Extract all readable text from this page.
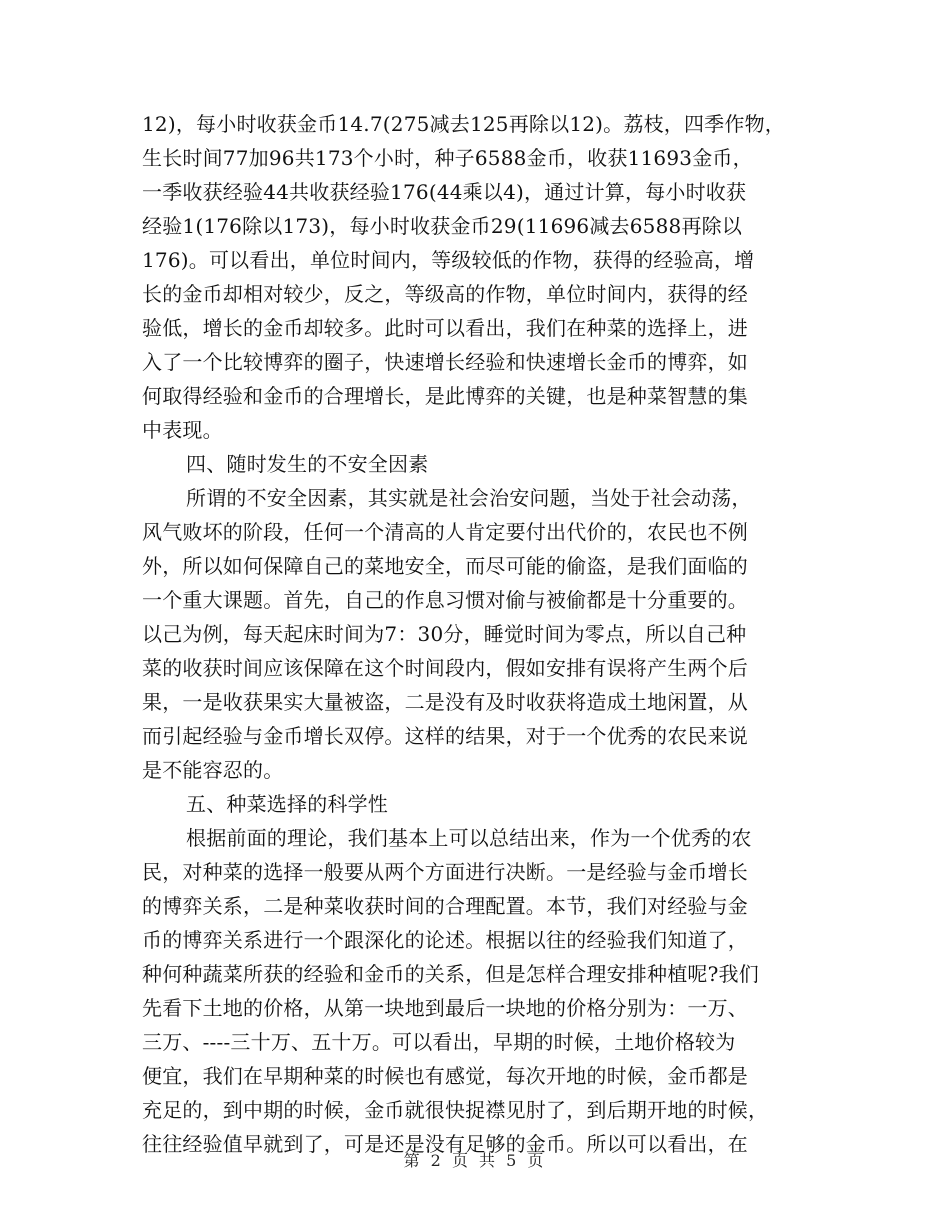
12)，每小时收获金币14.7(275减去125再除以12)。荔枝，四季作物，
生长时间77加96共173个小时，种子6588金币，收获11693金币，
一季收获经验44共收获经验176(44乘以4)，通过计算，每小时收获
经验1(176除以173)，每小时收获金币29(11696减去6588再除以
176)。可以看出，单位时间内，等级较低的作物，获得的经验高，增
长的金币却相对较少，反之，等级高的作物，单位时间内，获得的经
验低，增长的金币却较多。此时可以看出，我们在种菜的选择上，进
入了一个比较博弈的圈子，快速增长经验和快速增长金币的博弈，如
何取得经验和金币的合理增长，是此博弈的关键，也是种菜智慧的集
中表现。
四、随时发生的不安全因素
所谓的不安全因素，其实就是社会治安问题，当处于社会动荡，
风气败坏的阶段，任何一个清高的人肯定要付出代价的，农民也不例
外，所以如何保障自己的菜地安全，而尽可能的偷盗，是我们面临的
一个重大课题。首先，自己的作息习惯对偷与被偷都是十分重要的。
以己为例，每天起床时间为7：30分，睡觉时间为零点，所以自己种
菜的收获时间应该保障在这个时间段内，假如安排有误将产生两个后
果，一是收获果实大量被盗，二是没有及时收获将造成土地闲置，从
而引起经验与金币增长双停。这样的结果，对于一个优秀的农民来说
是不能容忍的。
五、种菜选择的科学性
根据前面的理论，我们基本上可以总结出来，作为一个优秀的农
民，对种菜的选择一般要从两个方面进行决断。一是经验与金币增长
的博弈关系，二是种菜收获时间的合理配置。本节，我们对经验与金
币的博弈关系进行一个跟深化的论述。根据以往的经验我们知道了，
种何种蔬菜所获的经验和金币的关系，但是怎样合理安排种植呢?我们
先看下土地的价格，从第一块地到最后一块地的价格分别为：一万、
三万、----三十万、五十万。可以看出，早期的时候，土地价格较为
便宜，我们在早期种菜的时候也有感觉，每次开地的时候，金币都是
充足的，到中期的时候，金币就很快捉襟见肘了，到后期开地的时候，
往往经验值早就到了，可是还是没有足够的金币。所以可以看出，在
第 2 页 共 5 页
